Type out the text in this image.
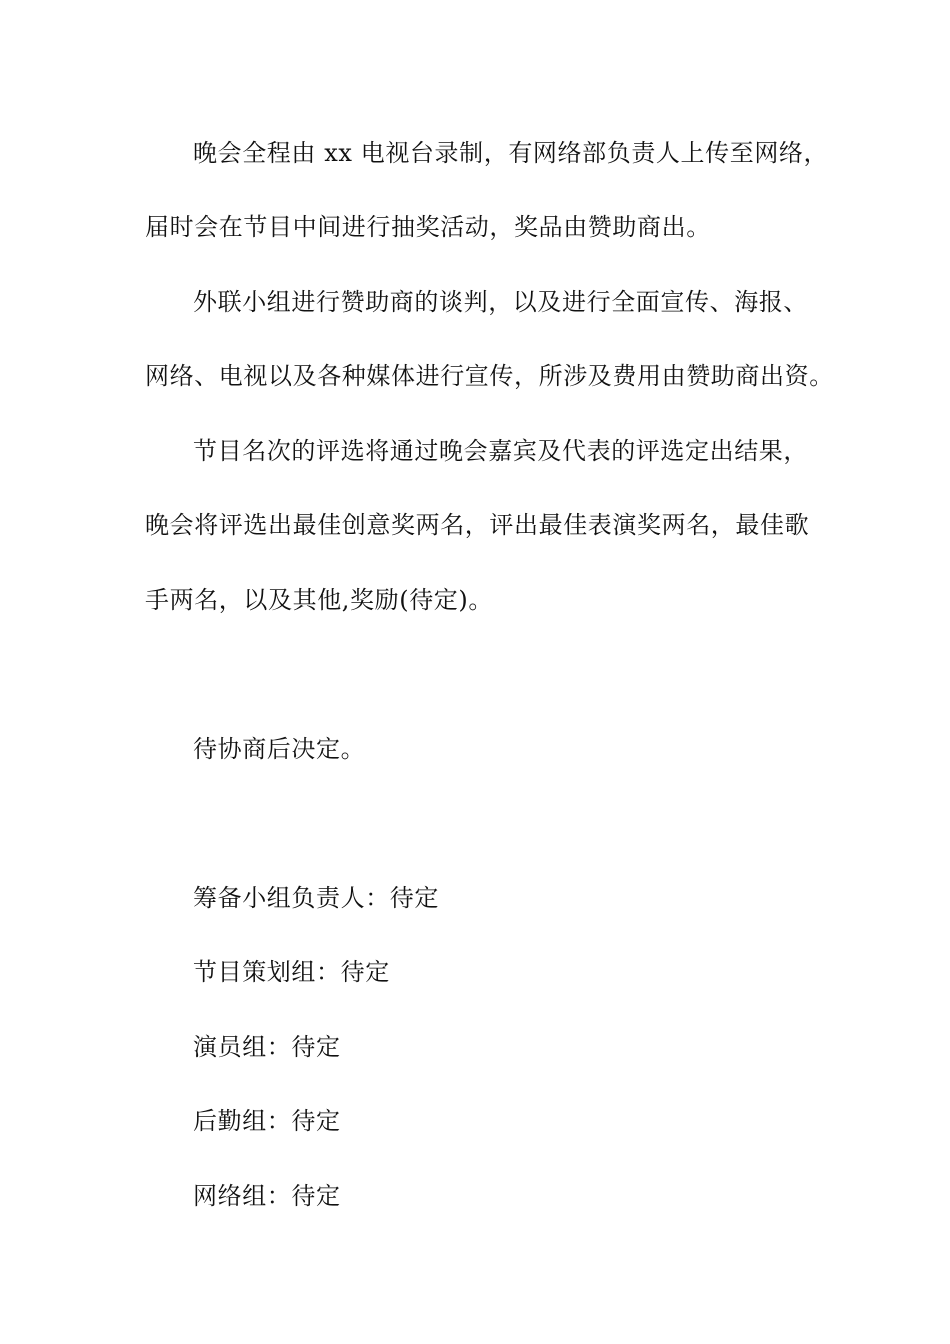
晚会全程由 xx 电视台录制，有网络部负责人上传至网络，
届时会在节目中间进行抽奖活动，奖品由赞助商出。
外联小组进行赞助商的谈判，以及进行全面宣传、海报、
网络、电视以及各种媒体进行宣传，所涉及费用由赞助商出资。
节目名次的评选将通过晚会嘉宾及代表的评选定出结果，
晚会将评选出最佳创意奖两名，评出最佳表演奖两名，最佳歌
手两名，以及其他,奖励(待定)。
待协商后决定。
筹备小组负责人：待定
节目策划组：待定
演员组：待定
后勤组：待定
网络组：待定
